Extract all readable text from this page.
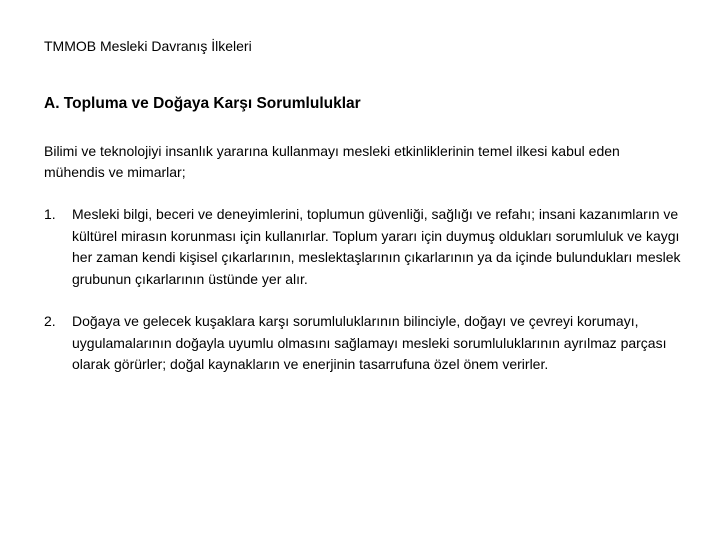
TMMOB Mesleki Davranış İlkeleri
A. Topluma ve Doğaya Karşı Sorumluluklar
Bilimi ve teknolojiyi insanlık yararına kullanmayı mesleki etkinliklerinin temel ilkesi kabul eden mühendis ve mimarlar;
1. Mesleki bilgi, beceri ve deneyimlerini, toplumun güvenliği, sağlığı ve refahı; insani kazanımların ve kültürel mirasın korunması için kullanırlar. Toplum yararı için duymuş oldukları sorumluluk ve kaygı her zaman kendi kişisel çıkarlarının, meslektaşlarının çıkarlarının ya da içinde bulundukları meslek grubunun çıkarlarının üstünde yer alır.
2. Doğaya ve gelecek kuşaklara karşı sorumluluklarının bilinciyle, doğayı ve çevreyi korumayı, uygulamalarının doğayla uyumlu olmasını sağlamayı mesleki sorumluluklarının ayrılmaz parçası olarak görürler; doğal kaynakların ve enerjinin tasarrufuna özel önem verirler.
